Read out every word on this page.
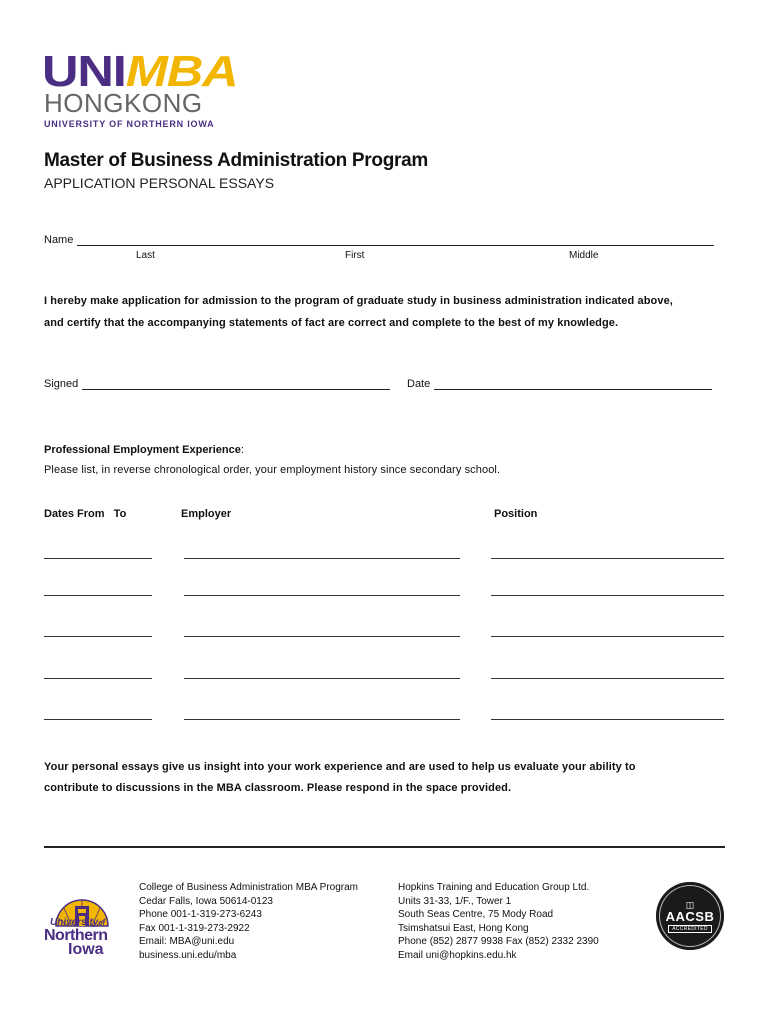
UNIMBA
HONGKONG
UNIVERSITY OF NORTHERN IOWA
Master of Business Administration Program
APPLICATION PERSONAL ESSAYS
Name
Last	First	Middle
I hereby make application for admission to the program of graduate study in business administration indicated above,
and certify that the accompanying statements of fact are correct and complete to the best of my knowledge.
Signed	Date
Professional Employment Experience:
Please list, in reverse chronological order, your employment history since secondary school.
Dates From   To	Employer	Position
Your personal essays give us insight into your work experience and are used to help us evaluate your ability to
contribute to discussions in the MBA classroom. Please respond in the space provided.
Universityof
Northern
Iowa
College of Business Administration MBA Program
Cedar Falls, Iowa 50614-0123
Phone 001-1-319-273-6243
Fax 001-1-319-273-2922
Email: MBA@uni.edu
business.uni.edu/mba
Hopkins Training and Education Group Ltd.
Units 31-33, 1/F., Tower 1
South Seas Centre, 75 Mody Road
Tsimshatsui East, Hong Kong
Phone (852) 2877 9938 Fax (852) 2332 2390
Email uni@hopkins.edu.hk
◫
AACSB
ACCREDITED
